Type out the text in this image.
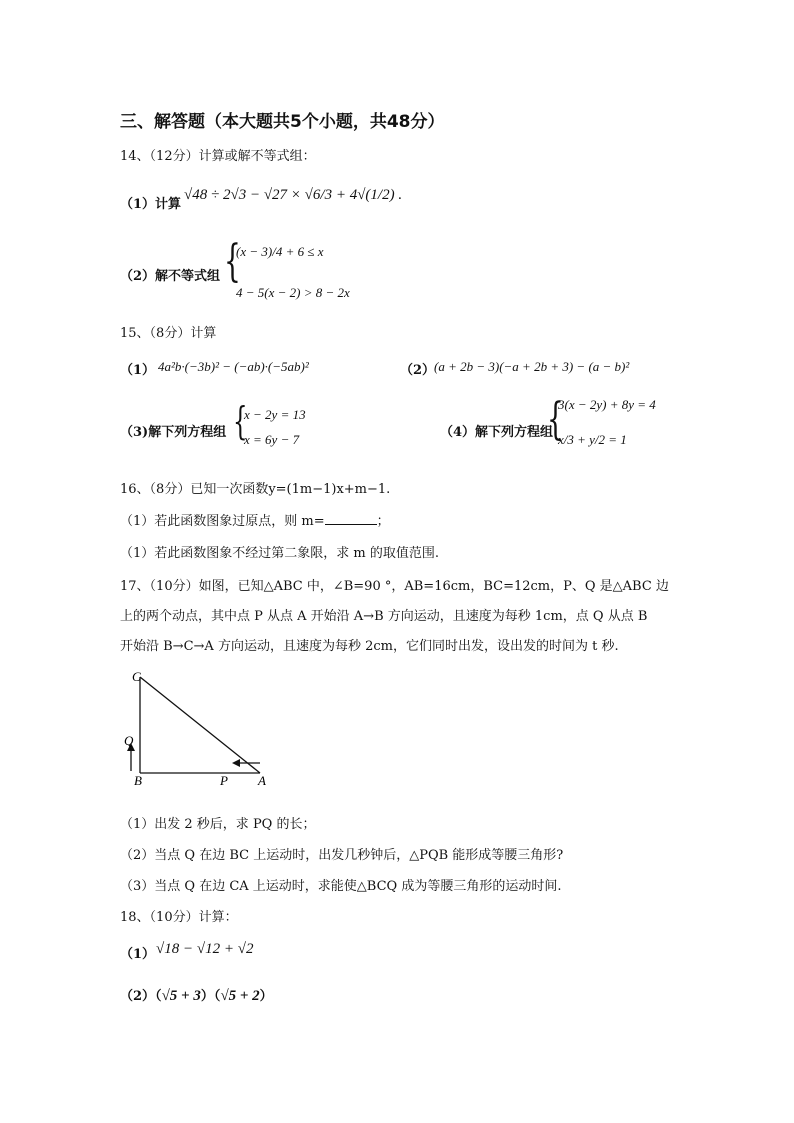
三、解答题（本大题共5个小题，共48分）
14、（12分）计算或解不等式组：
（1）计算
√48 ÷ 2√3 − √27 × √6/3 + 4√(1/2) .
（2）解不等式组 {
(x − 3)/4 + 6 ≤ x
4 − 5(x − 2) > 8 − 2x
15、（8分）计算
（1） 4a²b·(−3b)² − (−ab)·(−5ab)²	（2）
(a + 2b − 3)(−a + 2b + 3) − (a − b)²
（3)解下列方程组 {
x − 2y = 13
x = 6y − 7	（4）解下列方程组
{
3(x − 2y) + 8y = 4
x/3 + y/2 = 1
16、（8分）已知一次函数y=(1m−1)x+m−1.
（1）若此函数图象过原点，则 m=	；
（1）若此函数图象不经过第二象限，求 m 的取值范围.
17、（10分）如图，已知△ABC 中，∠B=90 °，AB=16cm，BC=12cm，P、Q 是△ABC 边
上的两个动点，其中点 P 从点 A 开始沿 A→B 方向运动，且速度为每秒 1cm，点 Q 从点 B
开始沿 B→C→A 方向运动，且速度为每秒 2cm，它们同时出发，设出发的时间为 t 秒.
C
Q
B	P A
（1）出发 2 秒后，求 PQ 的长；
（2）当点 Q 在边 BC 上运动时，出发几秒钟后，△PQB 能形成等腰三角形?
（3）当点 Q 在边 CA 上运动时，求能使△BCQ 成为等腰三角形的运动时间.
18、（10分）计算：
（1） √18 − √12 + √2
（2）（√5 + 3）（√5 + 2）
